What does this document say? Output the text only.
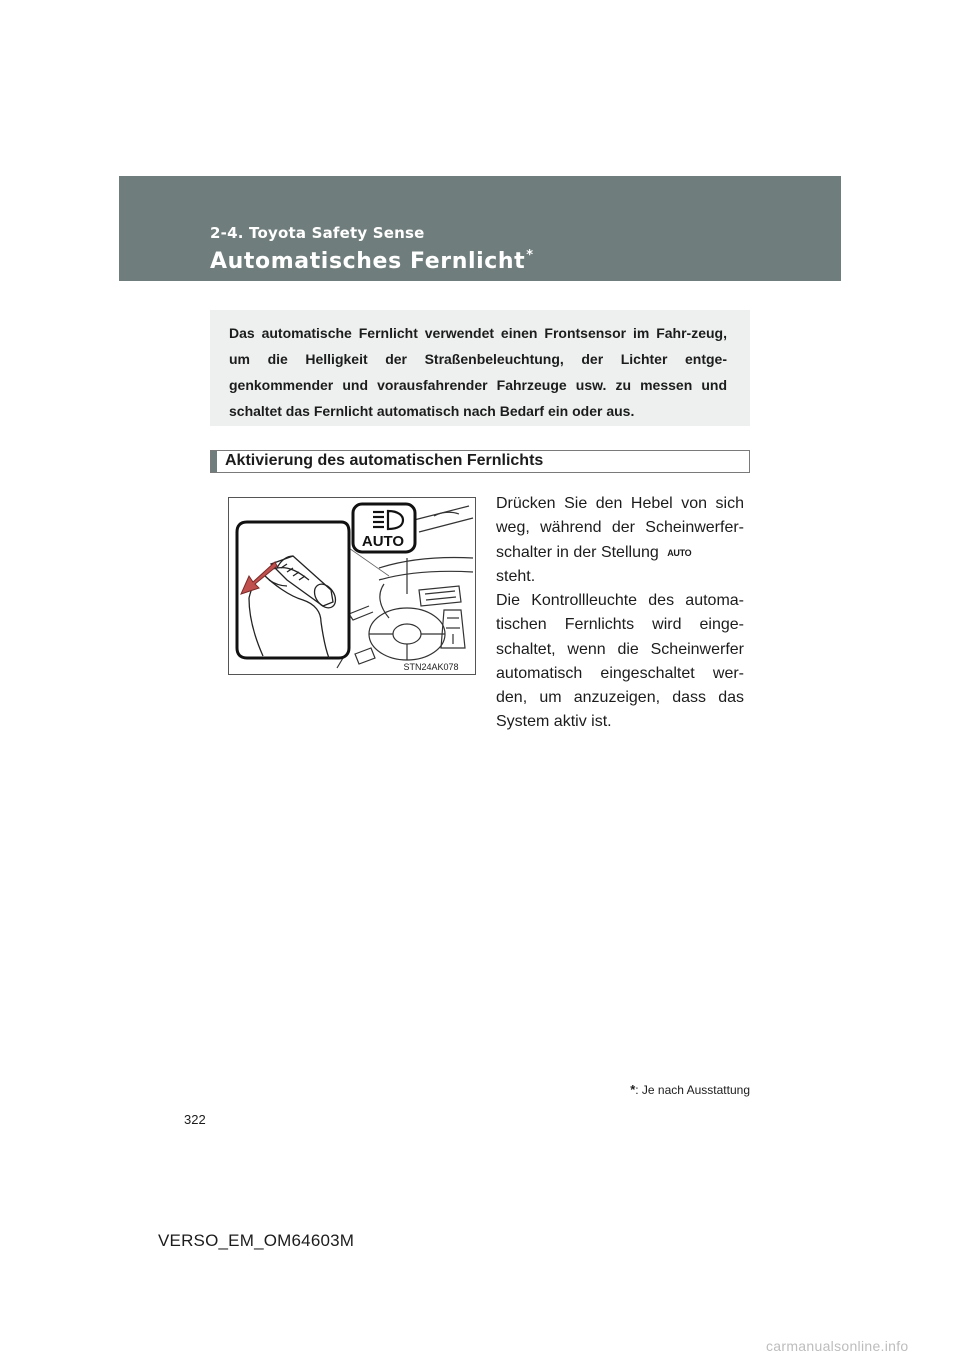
2-4. Toyota Safety Sense
Automatisches Fernlicht*

Das automatische Fernlicht verwendet einen Frontsensor im Fahr-zeug, um die Helligkeit der Straßenbeleuchtung, der Lichter entge-genkommender und vorausfahrender Fahrzeuge usw. zu messen und schaltet das Fernlicht automatisch nach Bedarf ein oder aus.

Aktivierung des automatischen Fernlichts
AUTO
STN24AK078

Drücken Sie den Hebel von sich weg, während der Scheinwerfer-schalter in der Stellung AUTO
steht.

Die Kontrollleuchte des automa-tischen Fernlichts wird einge-schaltet, wenn die Scheinwerfer automatisch eingeschaltet wer-den, um anzuzeigen, dass das System aktiv ist.

*: Je nach Ausstattung
322
VERSO_EM_OM64603M
carmanualsonline.info
